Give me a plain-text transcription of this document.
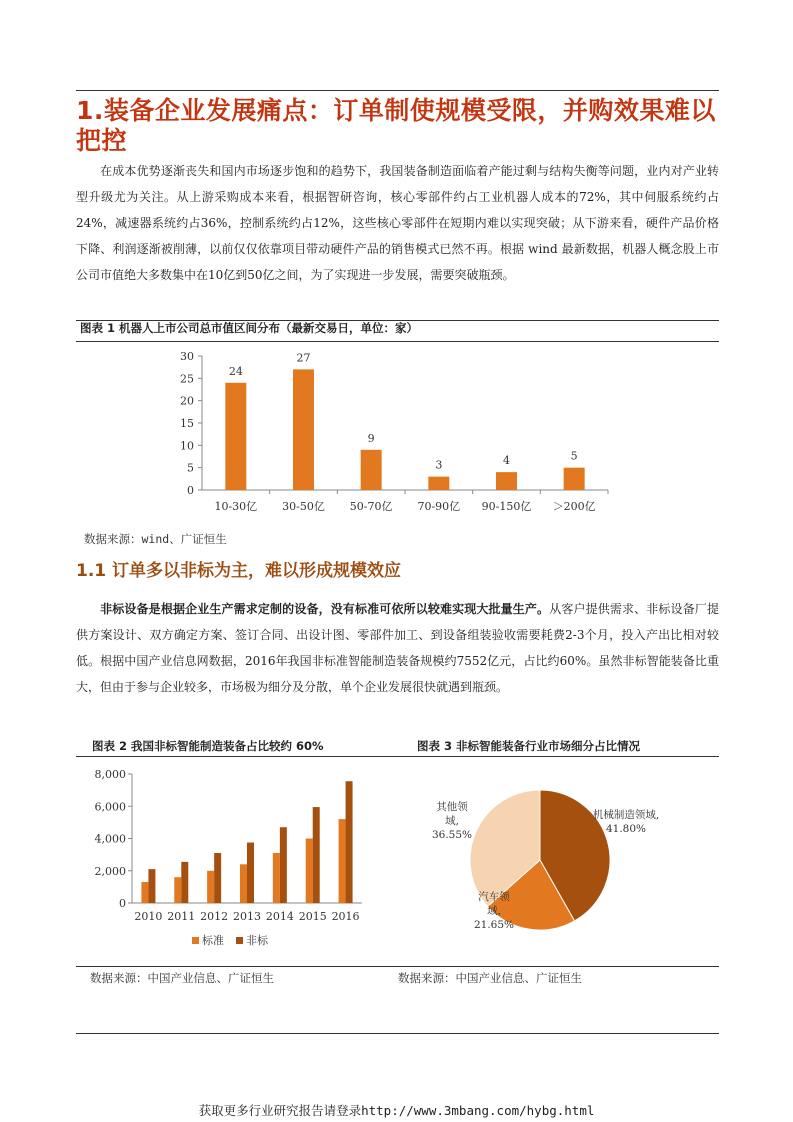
1.装备企业发展痛点：订单制使规模受限，并购效果难以把控

在成本优势逐渐丧失和国内市场逐步饱和的趋势下，我国装备制造面临着产能过剩与结构失衡等问题，业内对产业转型升级尤为关注。从上游采购成本来看，根据智研咨询，核心零部件约占工业机器人成本的72%，其中伺服系统约占24%，减速器系统约占36%，控制系统约占12%，这些核心零部件在短期内难以实现突破；从下游来看，硬件产品价格下降、利润逐渐被削薄，以前仅仅依靠项目带动硬件产品的销售模式已然不再。根据 wind 最新数据，机器人概念股上市公司市值绝大多数集中在10亿到50亿之间，为了实现进一步发展，需要突破瓶颈。

图表 1 机器人上市公司总市值区间分布（最新交易日，单位：家）
0
5
10
15
20
25
30
24
10-30亿
27
30-50亿
9
50-70亿
3
70-90亿
4
90-150亿
5
＞200亿
数据来源：wind、广证恒生
1.1 订单多以非标为主，难以形成规模效应

非标设备是根据企业生产需求定制的设备，没有标准可依所以较难实现大批量生产。从客户提供需求、非标设备厂提供方案设计、双方确定方案、签订合同、出设计图、零部件加工、到设备组装验收需要耗费2-3个月，投入产出比相对较低。根据中国产业信息网数据，2016年我国非标准智能制造装备规模约7552亿元，占比约60%。虽然非标智能装备比重大，但由于参与企业较多，市场极为细分及分散，单个企业发展很快就遇到瓶颈。

图表 2 我国非标智能制造装备占比较约 60%	图表 3 非标智能装备行业市场细分占比情况
0
2,000
4,000
6,000
8,000
2010 2011 2012 2013 2014 2015 2016
标准 非标
机械制造领域,
41.80%
汽车领
域,
21.65%
其他领
域,
36.55%
数据来源：中国产业信息、广证恒生	数据来源：中国产业信息、广证恒生
获取更多行业研究报告请登录http://www.3mbang.com/hybg.html
